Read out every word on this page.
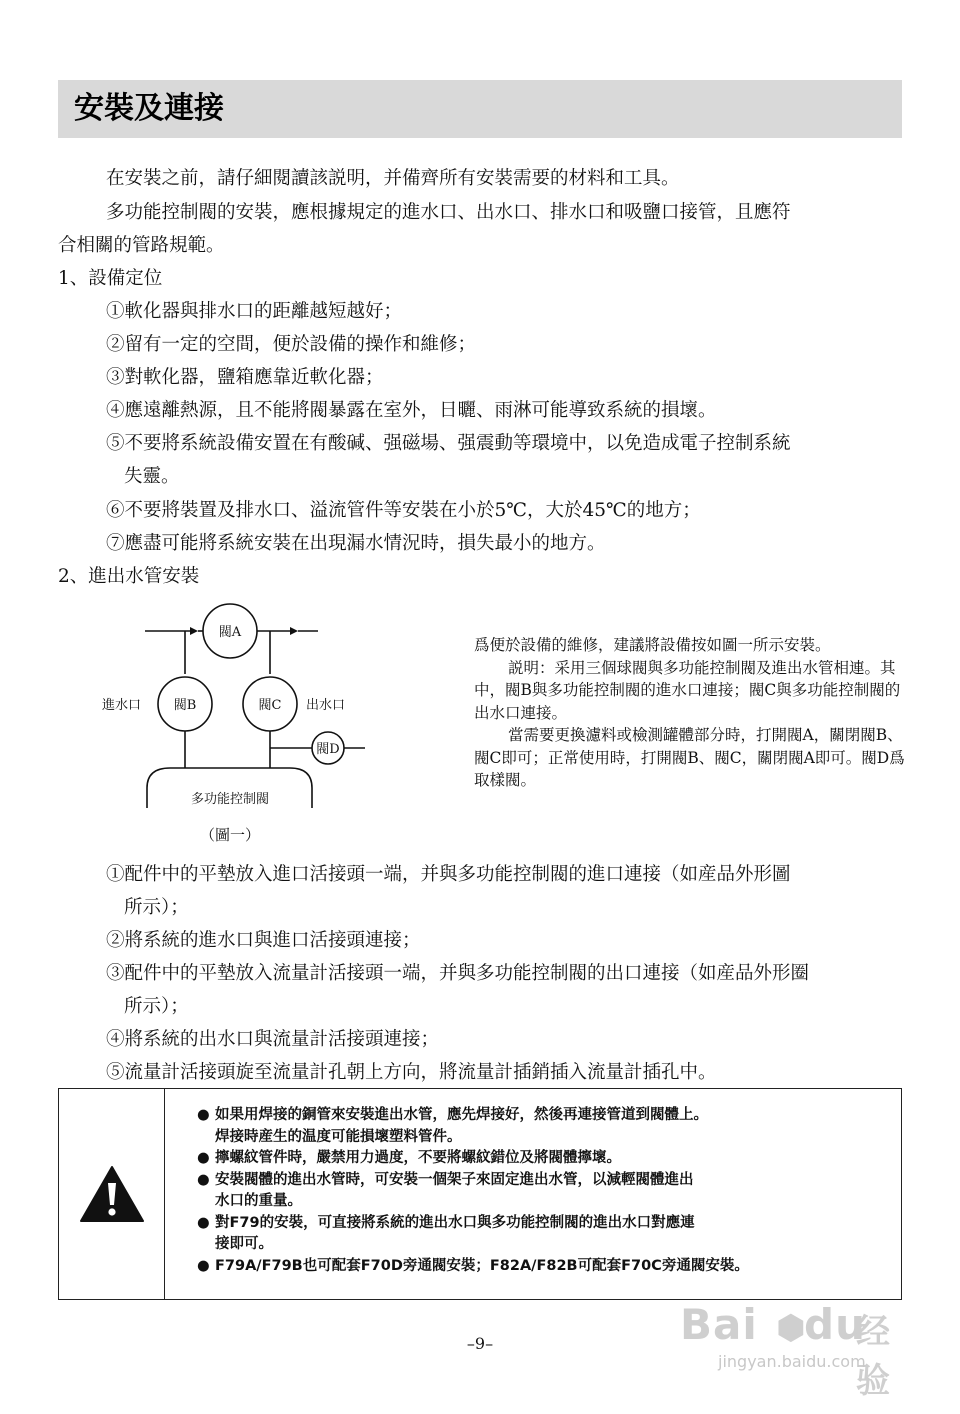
安裝及連接
在安裝之前，請仔細閱讀該説明，并備齊所有安裝需要的材料和工具。
多功能控制閥的安裝，應根據規定的進水口、出水口、排水口和吸鹽口接管，且應符
合相關的管路規範。
1、設備定位
①軟化器與排水口的距離越短越好；
②留有一定的空間，便於設備的操作和維修；
③對軟化器，鹽箱應靠近軟化器；
④應遠離熱源，且不能將閥暴露在室外，日曬、雨淋可能導致系統的損壞。
⑤不要將系統設備安置在有酸碱、强磁場、强震動等環境中，以免造成電子控制系統
失靈。
⑥不要將裝置及排水口、溢流管件等安裝在小於5℃，大於45℃的地方；
⑦應盡可能將系統安裝在出現漏水情況時，損失最小的地方。
2、進出水管安裝
閥A
閥B	閥C
進水口	出水口
閥D
多功能控制閥
（圖一）

爲便於設備的維修，建議將設備按如圖一所示安裝。

説明：采用三個球閥與多功能控制閥及進出水管相連。其中，閥B與多功能控制閥的進水口連接；閥C與多功能控制閥的出水口連接。

當需要更換濾料或檢測罐體部分時，打開閥A，關閉閥B、閥C即可；正常使用時，打開閥B、閥C，關閉閥A即可。閥D爲取樣閥。

①配件中的平墊放入進口活接頭一端，并與多功能控制閥的進口連接（如産品外形圖
所示）；
②將系統的進水口與進口活接頭連接；
③配件中的平墊放入流量計活接頭一端，并與多功能控制閥的出口連接（如産品外形圈
所示）；
④將系統的出水口與流量計活接頭連接；
⑤流量計活接頭旋至流量計孔朝上方向，將流量計插銷插入流量計插孔中。
● 如果用焊接的銅管來安裝進出水管，應先焊接好，然後再連接管道到閥體上。
焊接時産生的温度可能損壞塑料管件。
● 擰螺紋管件時，嚴禁用力過度，不要將螺紋錯位及將閥體擰壞。
● 安裝閥體的進出水管時，可安裝一個架子來固定進出水管，以減輕閥體進出
水口的重量。
● 對F79的安裝，可直接將系統的進出水口與多功能控制閥的進出水口對應連
接即可。
● F79A/F79B也可配套F70D旁通閥安裝；F82A/F82B可配套F70C旁通閥安裝。
–9–	Bai ⬢
du
经验
jingyan.baidu.com
